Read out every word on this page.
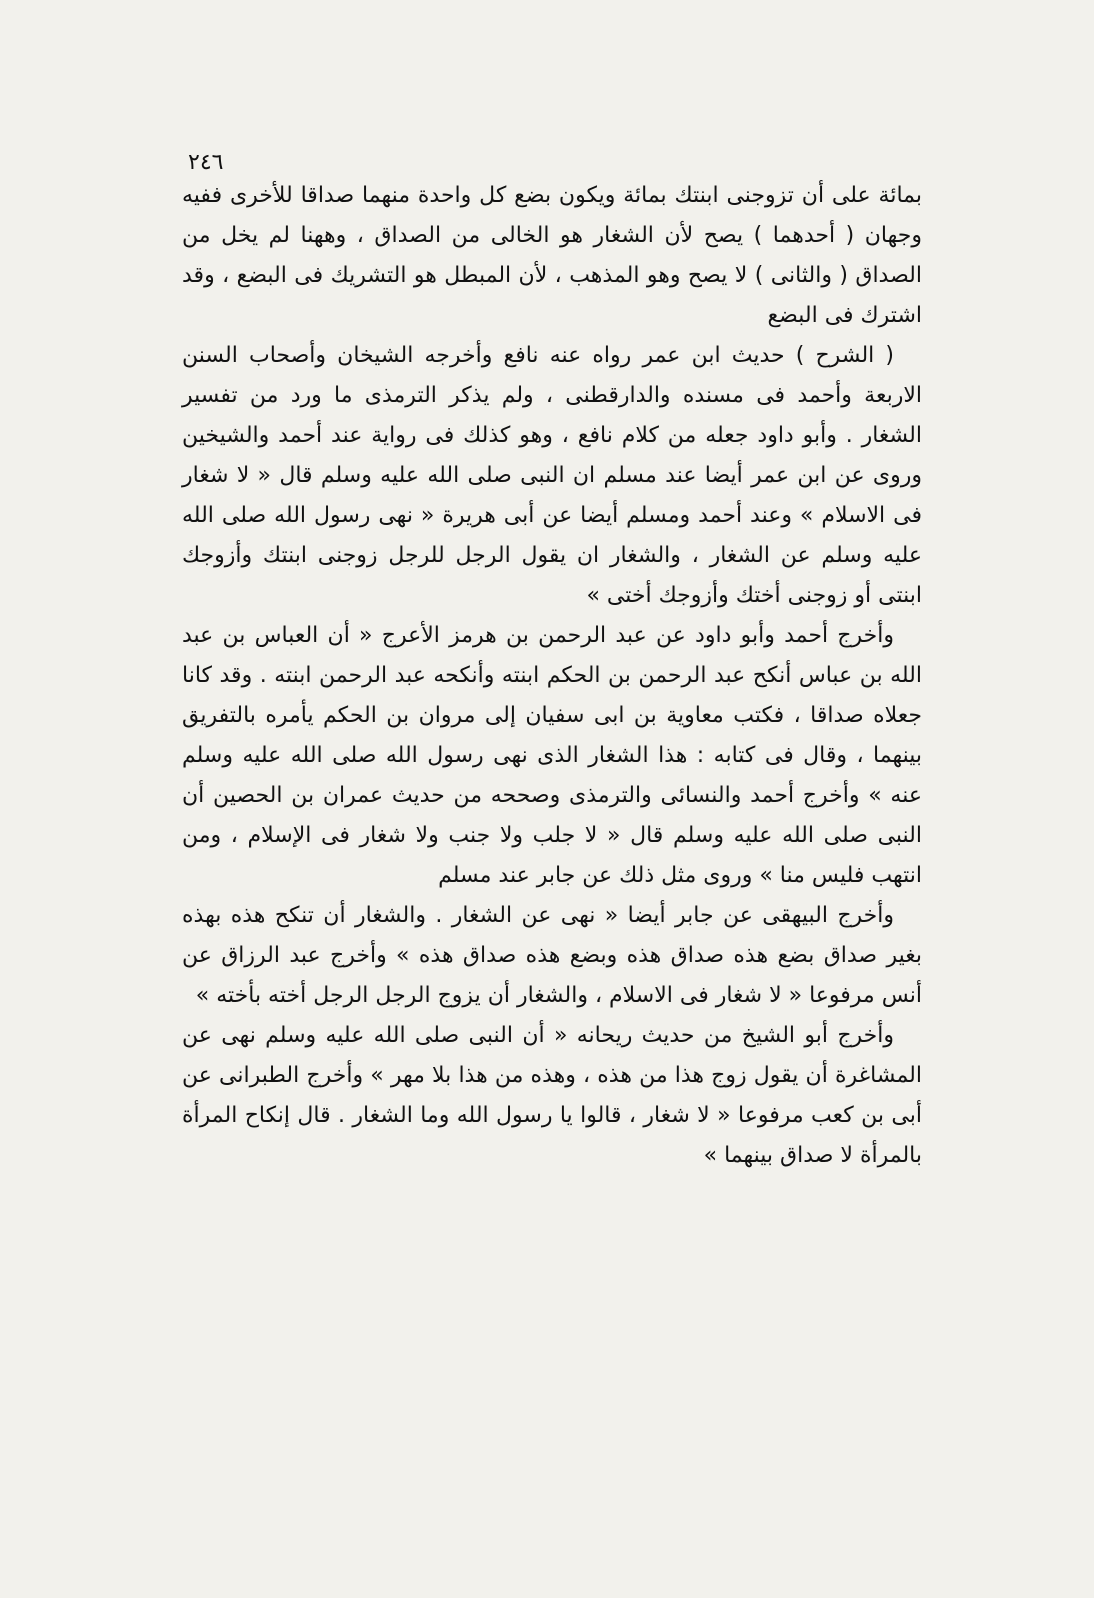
٢٤٦

بمائة على أن تزوجنى ابنتك بمائة ويكون بضع كل واحدة منهما صداقا للأخرى ففيه وجهان ( أحدهما ) يصح لأن الشغار هو الخالى من الصداق ، وههنا لم يخل من الصداق ( والثانى ) لا يصح وهو المذهب ، لأن المبطل هو التشريك فى البضع ، وقد اشترك فى البضع

( الشرح ) حديث ابن عمر رواه عنه نافع وأخرجه الشيخان وأصحاب السنن الاربعة وأحمد فى مسنده والدارقطنى ، ولم يذكر الترمذى ما ورد من تفسير الشغار . وأبو داود جعله من كلام نافع ، وهو كذلك فى رواية عند أحمد والشيخين وروى عن ابن عمر أيضا عند مسلم ان النبى صلى الله عليه وسلم قال « لا شغار فى الاسلام » وعند أحمد ومسلم أيضا عن أبى هريرة « نهى رسول الله صلى الله عليه وسلم عن الشغار ، والشغار ان يقول الرجل للرجل زوجنى ابنتك وأزوجك ابنتى أو زوجنى أختك وأزوجك أختى »

وأخرج أحمد وأبو داود عن عبد الرحمن بن هرمز الأعرج « أن العباس بن عبد الله بن عباس أنكح عبد الرحمن بن الحكم ابنته وأنكحه عبد الرحمن ابنته . وقد كانا جعلاه صداقا ، فكتب معاوية بن ابى سفيان إلى مروان بن الحكم يأمره بالتفريق بينهما ، وقال فى كتابه : هذا الشغار الذى نهى رسول الله صلى الله عليه وسلم عنه » وأخرج أحمد والنسائى والترمذى وصححه من حديث عمران بن الحصين أن النبى صلى الله عليه وسلم قال « لا جلب ولا جنب ولا شغار فى الإسلام ، ومن انتهب فليس منا » وروى مثل ذلك عن جابر عند مسلم

وأخرج البيهقى عن جابر أيضا « نهى عن الشغار . والشغار أن تنكح هذه بهذه بغير صداق بضع هذه صداق هذه وبضع هذه صداق هذه » وأخرج عبد الرزاق عن أنس مرفوعا « لا شغار فى الاسلام ، والشغار أن يزوج الرجل الرجل أخته بأخته »

وأخرج أبو الشيخ من حديث ريحانه « أن النبى صلى الله عليه وسلم نهى عن المشاغرة أن يقول زوج هذا من هذه ، وهذه من هذا بلا مهر » وأخرج الطبرانى عن أبى بن كعب مرفوعا « لا شغار ، قالوا يا رسول الله وما الشغار . قال إنكاح المرأة بالمرأة لا صداق بينهما »
